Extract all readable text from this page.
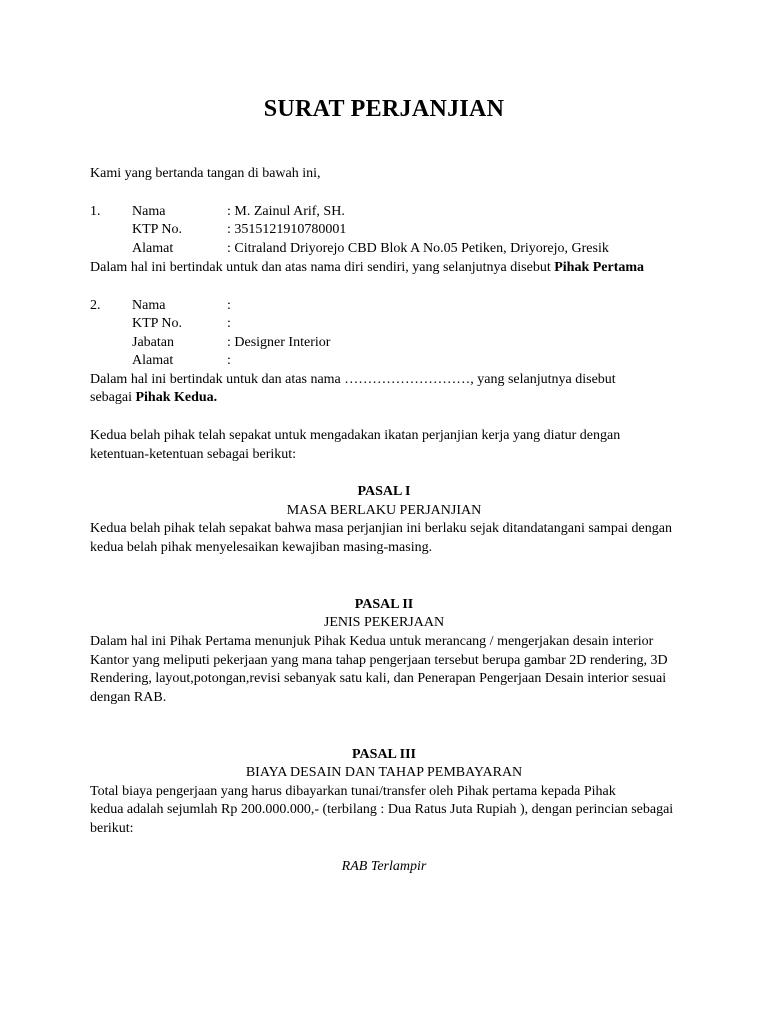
SURAT PERJANJIAN
Kami yang bertanda tangan di bawah ini,
1. Nama	: M. Zainul Arif, SH.
KTP No.	: 3515121910780001
Alamat	: Citraland Driyorejo CBD Blok A No.05 Petiken, Driyorejo, Gresik
Dalam hal ini bertindak untuk dan atas nama diri sendiri, yang selanjutnya disebut Pihak Pertama
2. Nama	:
KTP No.	:
Jabatan	: Designer Interior
Alamat	:
Dalam hal ini bertindak untuk dan atas nama ………………………, yang selanjutnya disebut
sebagai Pihak Kedua.
Kedua belah pihak telah sepakat untuk mengadakan ikatan perjanjian kerja yang diatur dengan
ketentuan-ketentuan sebagai berikut:
PASAL I
MASA BERLAKU PERJANJIAN
Kedua belah pihak telah sepakat bahwa masa perjanjian ini berlaku sejak ditandatangani sampai dengan
kedua belah pihak menyelesaikan kewajiban masing-masing.
PASAL II
JENIS PEKERJAAN
Dalam hal ini Pihak Pertama menunjuk Pihak Kedua untuk merancang / mengerjakan desain interior
Kantor yang meliputi pekerjaan yang mana tahap pengerjaan tersebut berupa gambar 2D rendering, 3D
Rendering, layout,potongan,revisi sebanyak satu kali, dan Penerapan Pengerjaan Desain interior sesuai
dengan RAB.
PASAL III
BIAYA DESAIN DAN TAHAP PEMBAYARAN
Total biaya pengerjaan yang harus dibayarkan tunai/transfer oleh Pihak pertama kepada Pihak
kedua adalah sejumlah Rp 200.000.000,- (terbilang : Dua Ratus Juta Rupiah ), dengan perincian sebagai
berikut:
RAB Terlampir
